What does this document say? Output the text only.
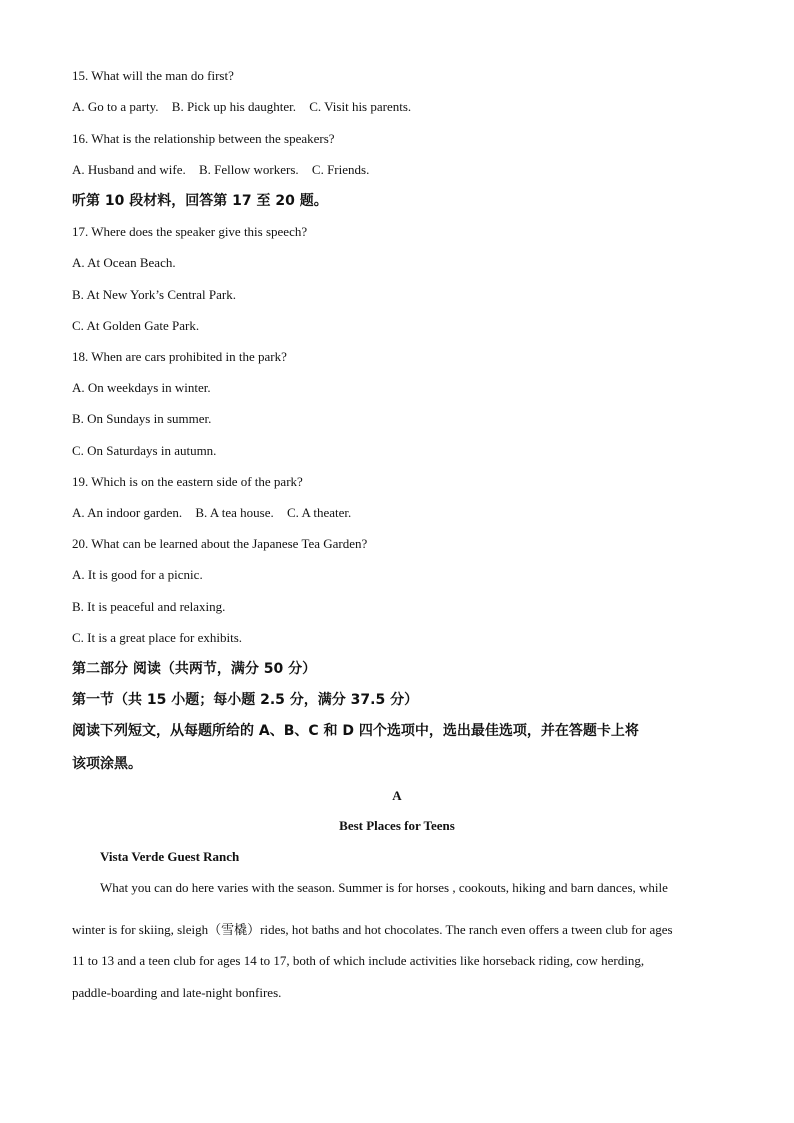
15. What will the man do first?
A. Go to a party. B. Pick up his daughter. C. Visit his parents.
16. What is the relationship between the speakers?
A. Husband and wife. B. Fellow workers. C. Friends.
听第 10 段材料，回答第 17 至 20 题。
17. Where does the speaker give this speech?
A. At Ocean Beach.
B. At New York’s Central Park.
C. At Golden Gate Park.
18. When are cars prohibited in the park?
A. On weekdays in winter.
B. On Sundays in summer.
C. On Saturdays in autumn.
19. Which is on the eastern side of the park?
A. An indoor garden. B. A tea house. C. A theater.
20. What can be learned about the Japanese Tea Garden?
A. It is good for a picnic.
B. It is peaceful and relaxing.
C. It is a great place for exhibits.
第二部分 阅读（共两节，满分 50 分）
第一节（共 15 小题；每小题 2.5 分，满分 37.5 分）
阅读下列短文，从每题所给的 A、B、C 和 D 四个选项中，选出最佳选项，并在答题卡上将
该项涂黑。
A
Best Places for Teens
Vista Verde Guest Ranch
What you can do here varies with the season. Summer is for horses , cookouts, hiking and barn dances, while
winter is for skiing, sleigh（雪橇）rides, hot baths and hot chocolates. The ranch even offers a tween club for ages
11 to 13 and a teen club for ages 14 to 17, both of which include activities like horseback riding, cow herding,
paddle-boarding and late-night bonfires.
